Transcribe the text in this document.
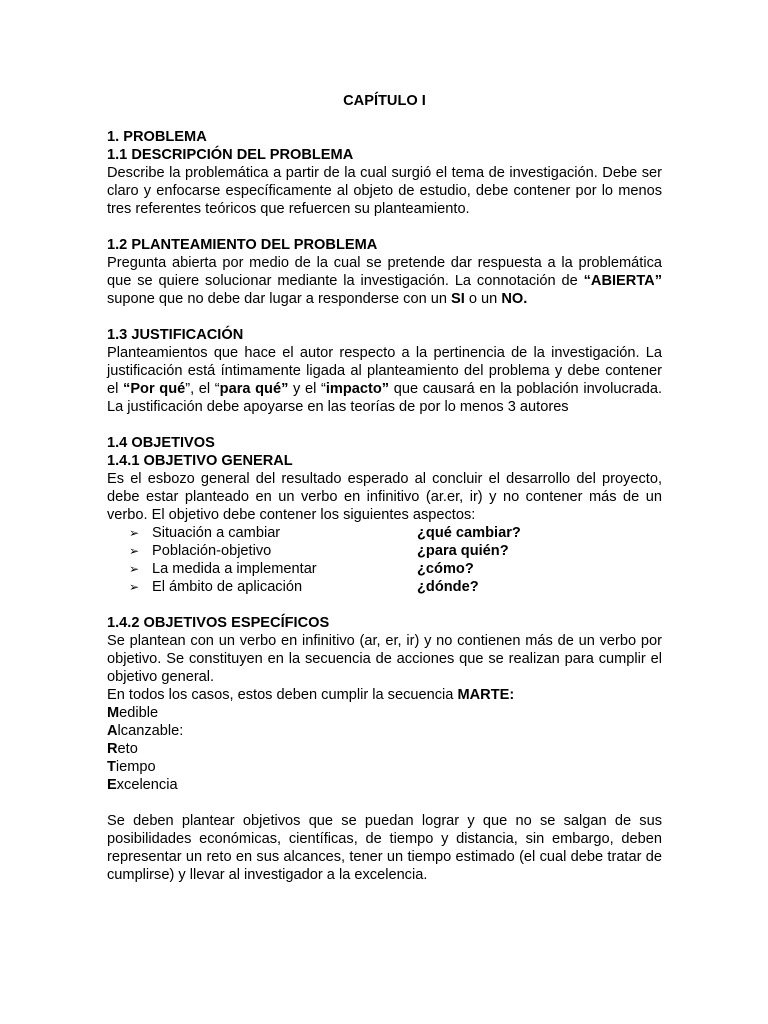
CAPÍTULO I
1. PROBLEMA
1.1 DESCRIPCIÓN DEL PROBLEMA

Describe la problemática a partir de la cual surgió el tema de investigación. Debe ser claro y enfocarse específicamente al objeto de estudio, debe contener por lo menos tres referentes teóricos que refuercen su planteamiento.

1.2 PLANTEAMIENTO DEL PROBLEMA

Pregunta abierta por medio de la cual se pretende dar respuesta a la problemática que se quiere solucionar mediante la investigación. La connotación de “ABIERTA” supone que no debe dar lugar a responderse con un SI o un NO.

1.3 JUSTIFICACIÓN

Planteamientos que hace el autor respecto a la pertinencia de la investigación. La justificación está íntimamente ligada al planteamiento del problema y debe contener el “Por qué”, el “para qué” y el “impacto” que causará en la población involucrada. La justificación debe apoyarse en las teorías de por lo menos 3 autores

1.4 OBJETIVOS
1.4.1 OBJETIVO GENERAL

Es el esbozo general del resultado esperado al concluir el desarrollo del proyecto, debe estar planteado en un verbo en infinitivo (ar.er, ir) y no contener más de un verbo. El objetivo debe contener los siguientes aspectos:

➢ Situación a cambiar	¿qué cambiar?
➢ Población-objetivo	¿para quién?
➢ La medida a implementar	¿cómo?
➢ El ámbito de aplicación	¿dónde?
1.4.2 OBJETIVOS ESPECÍFICOS

Se plantean con un verbo en infinitivo (ar, er, ir) y no contienen más de un verbo por objetivo. Se constituyen en la secuencia de acciones que se realizan para cumplir el objetivo general.

En todos los casos, estos deben cumplir la secuencia MARTE:

Medible
Alcanzable:
Reto
Tiempo
Excelencia

Se deben plantear objetivos que se puedan lograr y que no se salgan de sus posibilidades económicas, científicas, de tiempo y distancia, sin embargo, deben representar un reto en sus alcances, tener un tiempo estimado (el cual debe tratar de cumplirse) y llevar al investigador a la excelencia.
